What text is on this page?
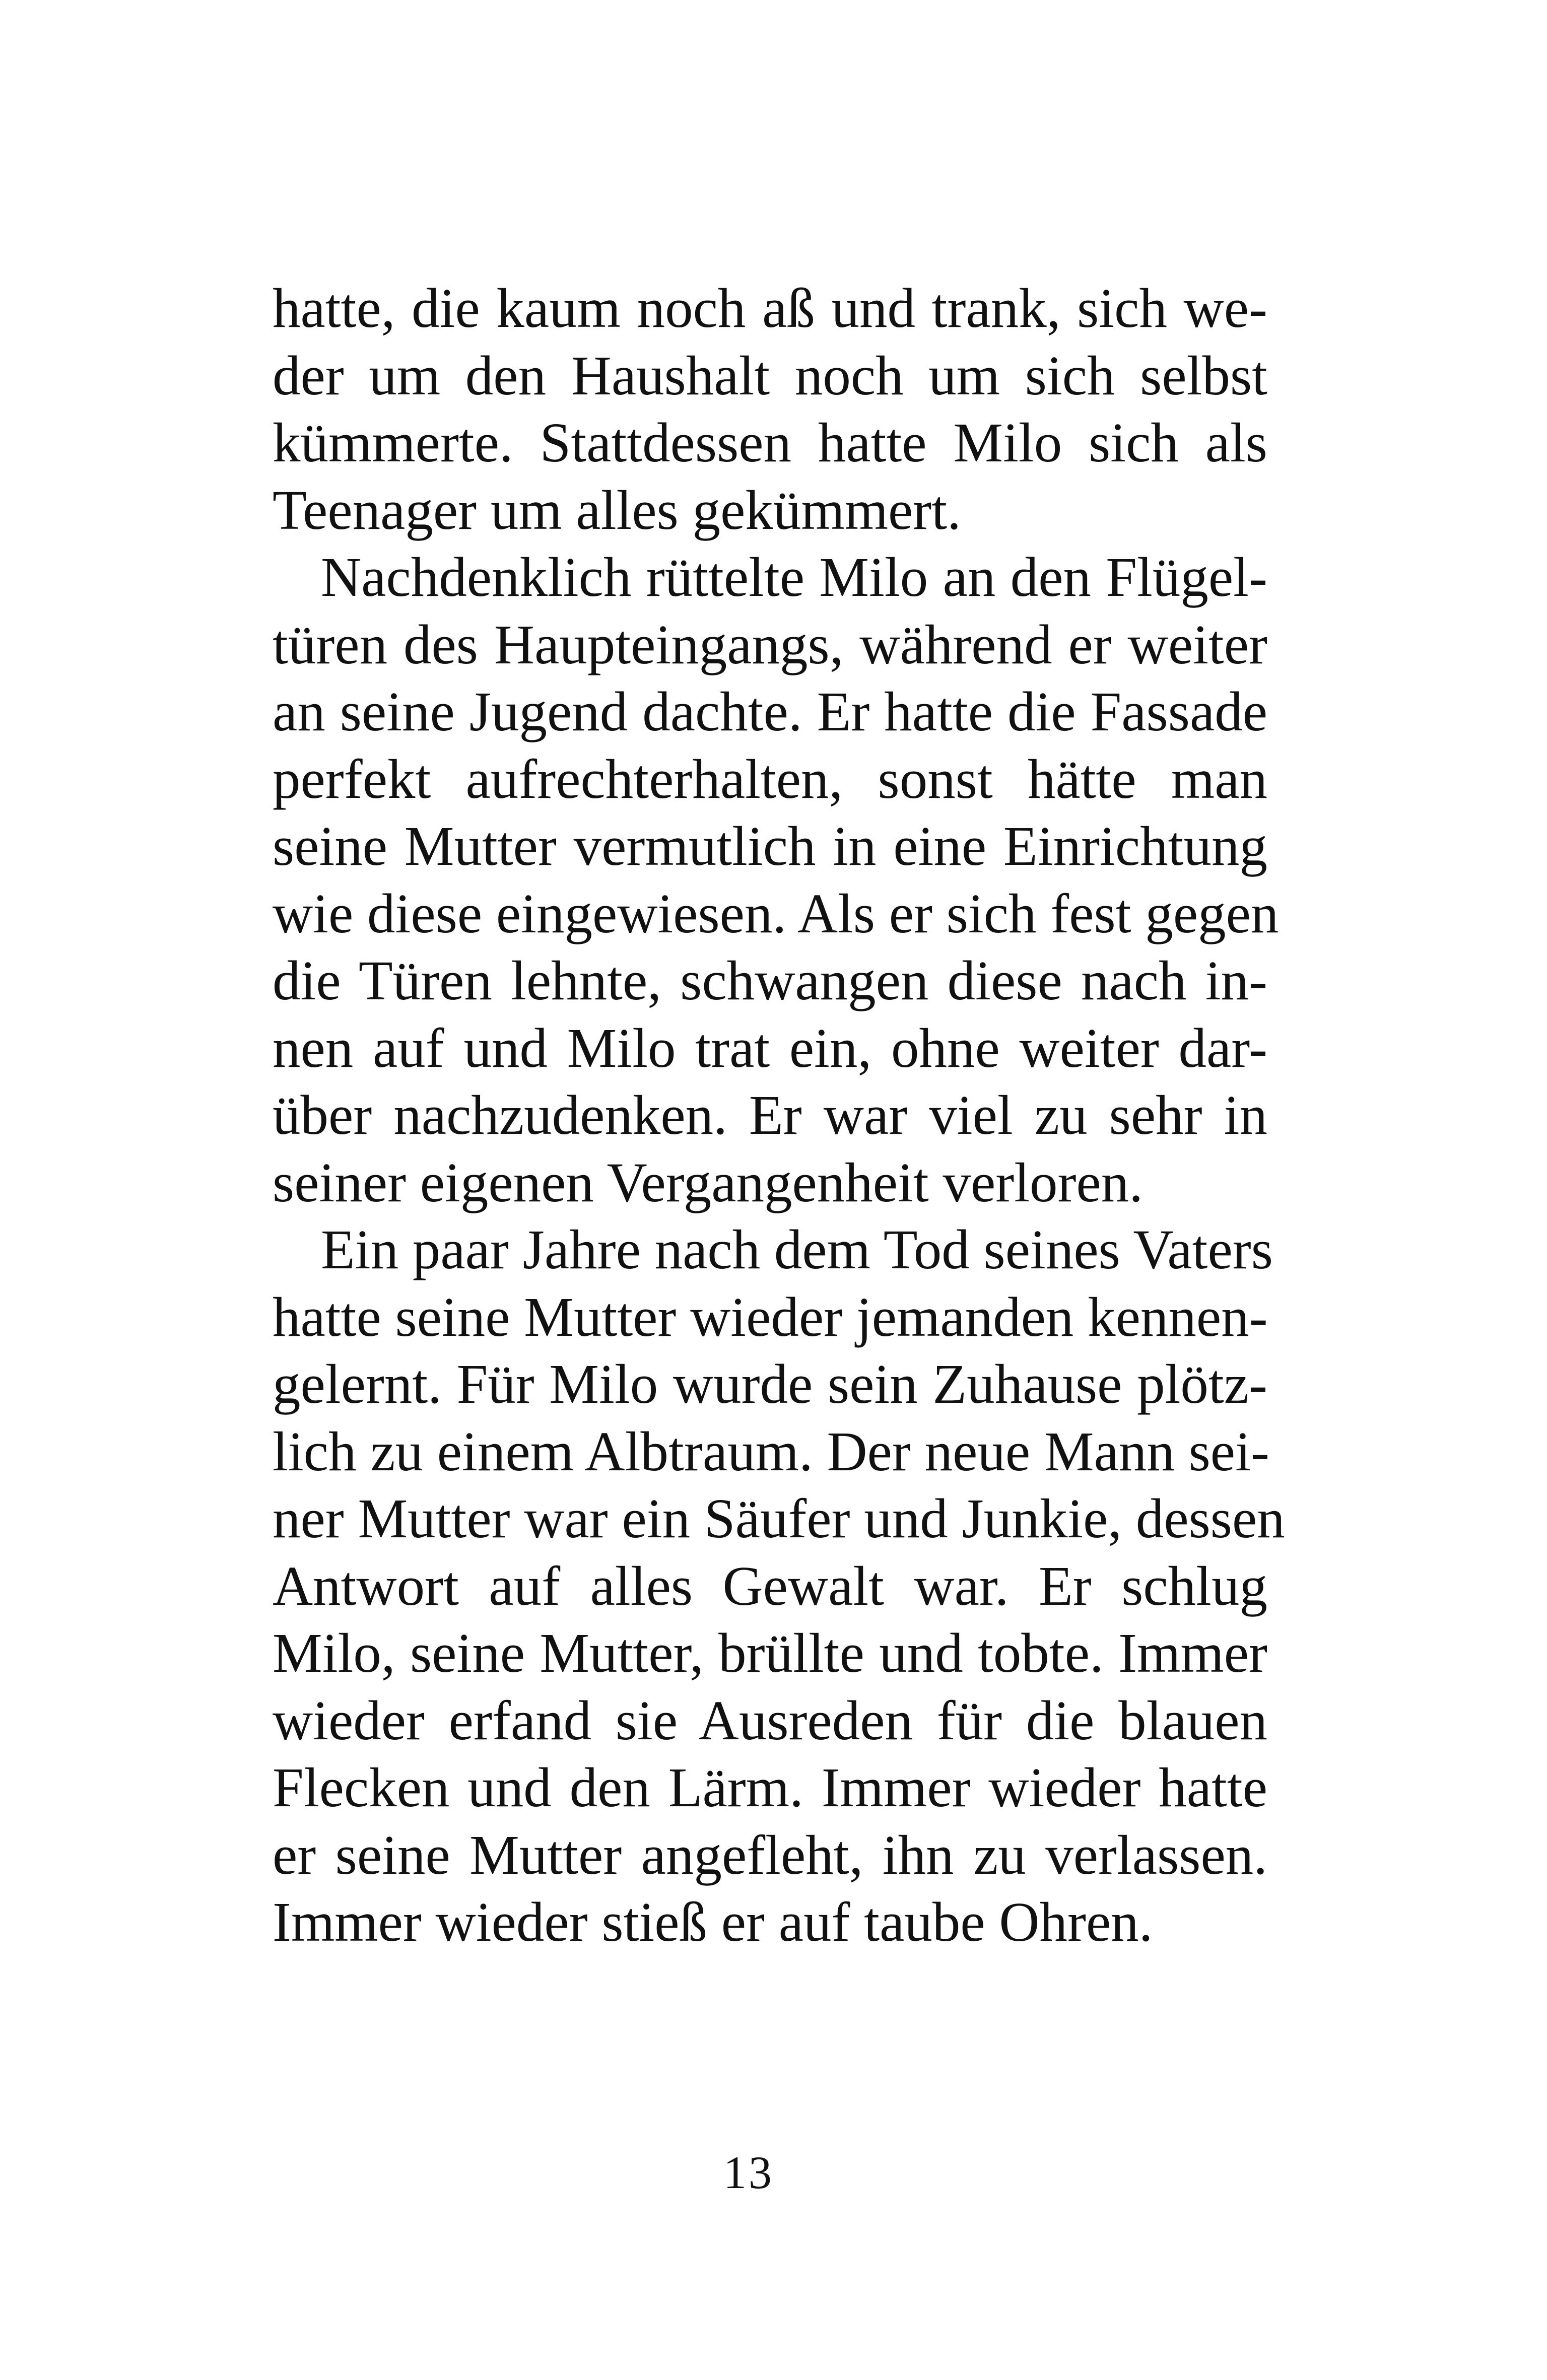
hatte, die kaum noch aß und trank, sich we-
der um den Haushalt noch um sich selbst
kümmerte. Stattdessen hatte Milo sich als
Teenager um alles gekümmert.
Nachdenklich rüttelte Milo an den Flügel-
türen des Haupteingangs, während er weiter
an seine Jugend dachte. Er hatte die Fassade
perfekt aufrechterhalten, sonst hätte man
seine Mutter vermutlich in eine Einrichtung
wie diese eingewiesen. Als er sich fest gegen
die Türen lehnte, schwangen diese nach in-
nen auf und Milo trat ein, ohne weiter dar-
über nachzudenken. Er war viel zu sehr in
seiner eigenen Vergangenheit verloren.
Ein paar Jahre nach dem Tod seines Vaters
hatte seine Mutter wieder jemanden kennen-
gelernt. Für Milo wurde sein Zuhause plötz-
lich zu einem Albtraum. Der neue Mann sei-
ner Mutter war ein Säufer und Junkie, dessen
Antwort auf alles Gewalt war. Er schlug
Milo, seine Mutter, brüllte und tobte. Immer
wieder erfand sie Ausreden für die blauen
Flecken und den Lärm. Immer wieder hatte
er seine Mutter angefleht, ihn zu verlassen.
Immer wieder stieß er auf taube Ohren.
13
